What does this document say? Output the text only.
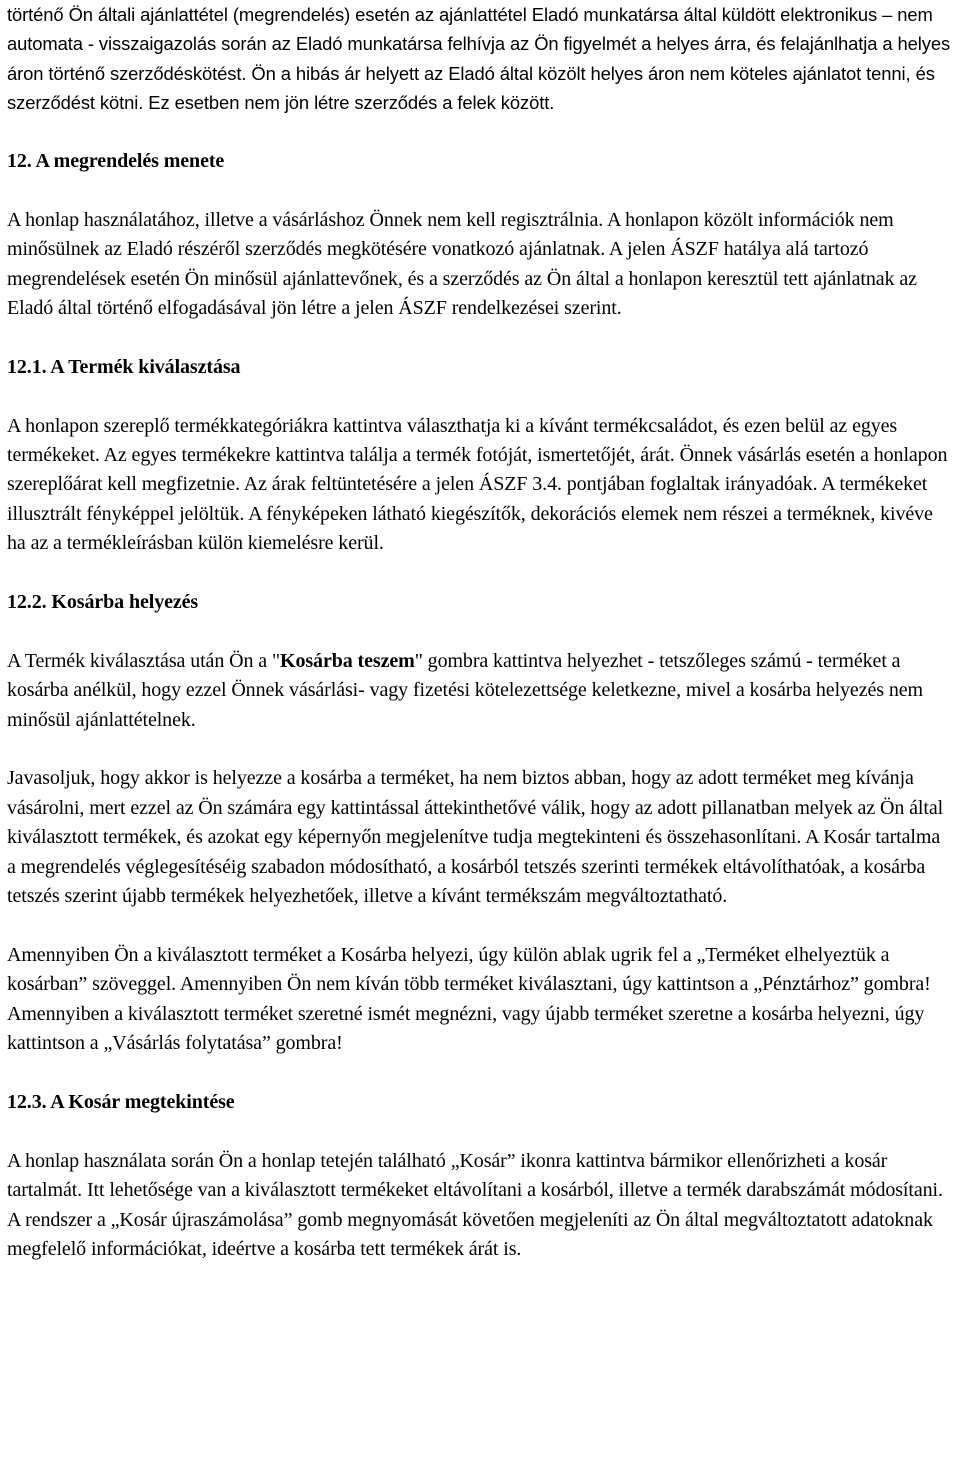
történő Ön általi ajánlattétel (megrendelés) esetén az ajánlattétel Eladó munkatársa által küldött elektronikus – nem automata - visszaigazolás során az Eladó munkatársa felhívja az Ön figyelmét a helyes árra, és felajánlhatja a helyes áron történő szerződéskötést. Ön a hibás ár helyett az Eladó által közölt helyes áron nem köteles ajánlatot tenni, és szerződést kötni. Ez esetben nem jön létre szerződés a felek között.

12. A megrendelés menete

A honlap használatához, illetve a vásárláshoz Önnek nem kell regisztrálnia. A honlapon közölt információk nem minősülnek az Eladó részéről szerződés megkötésére vonatkozó ajánlatnak. A jelen ÁSZF hatálya alá tartozó megrendelések esetén Ön minősül ajánlattevőnek, és a szerződés az Ön által a honlapon keresztül tett ajánlatnak az Eladó által történő elfogadásával jön létre a jelen ÁSZF rendelkezései szerint.

12.1. A Termék kiválasztása

A honlapon szereplő termékkategóriákra kattintva választhatja ki a kívánt termékcsaládot, és ezen belül az egyes termékeket. Az egyes termékekre kattintva találja a termék fotóját, ismertetőjét, árát. Önnek vásárlás esetén a honlapon szereplőárat kell megfizetnie. Az árak feltüntetésére a jelen ÁSZF 3.4. pontjában foglaltak irányadóak. A termékeket illusztrált fényképpel jelöltük. A fényképeken látható kiegészítők, dekorációs elemek nem részei a terméknek, kivéve ha az a termékleírásban külön kiemelésre kerül.

12.2. Kosárba helyezés

A Termék kiválasztása után Ön a "Kosárba teszem" gombra kattintva helyezhet - tetszőleges számú - terméket a kosárba anélkül, hogy ezzel Önnek vásárlási- vagy fizetési kötelezettsége keletkezne, mivel a kosárba helyezés nem minősül ajánlattételnek.

Javasoljuk, hogy akkor is helyezze a kosárba a terméket, ha nem biztos abban, hogy az adott terméket meg kívánja vásárolni, mert ezzel az Ön számára egy kattintással áttekinthetővé válik, hogy az adott pillanatban melyek az Ön által kiválasztott termékek, és azokat egy képernyőn megjelenítve tudja megtekinteni és összehasonlítani. A Kosár tartalma a megrendelés véglegesítéséig szabadon módosítható, a kosárból tetszés szerinti termékek eltávolíthatóak, a kosárba tetszés szerint újabb termékek helyezhetőek, illetve a kívánt termékszám megváltoztatható.

Amennyiben Ön a kiválasztott terméket a Kosárba helyezi, úgy külön ablak ugrik fel a „Terméket elhelyeztük a kosárban” szöveggel. Amennyiben Ön nem kíván több terméket kiválasztani, úgy kattintson a „Pénztárhoz” gombra! Amennyiben a kiválasztott terméket szeretné ismét megnézni, vagy újabb terméket szeretne a kosárba helyezni, úgy kattintson a „Vásárlás folytatása” gombra!

12.3. A Kosár megtekintése

A honlap használata során Ön a honlap tetején található „Kosár” ikonra kattintva bármikor ellenőrizheti a kosár tartalmát. Itt lehetősége van a kiválasztott termékeket eltávolítani a kosárból, illetve a termék darabszámát módosítani. A rendszer a „Kosár újraszámolása” gomb megnyomását követően megjeleníti az Ön által megváltoztatott adatoknak megfelelő információkat, ideértve a kosárba tett termékek árát is.
